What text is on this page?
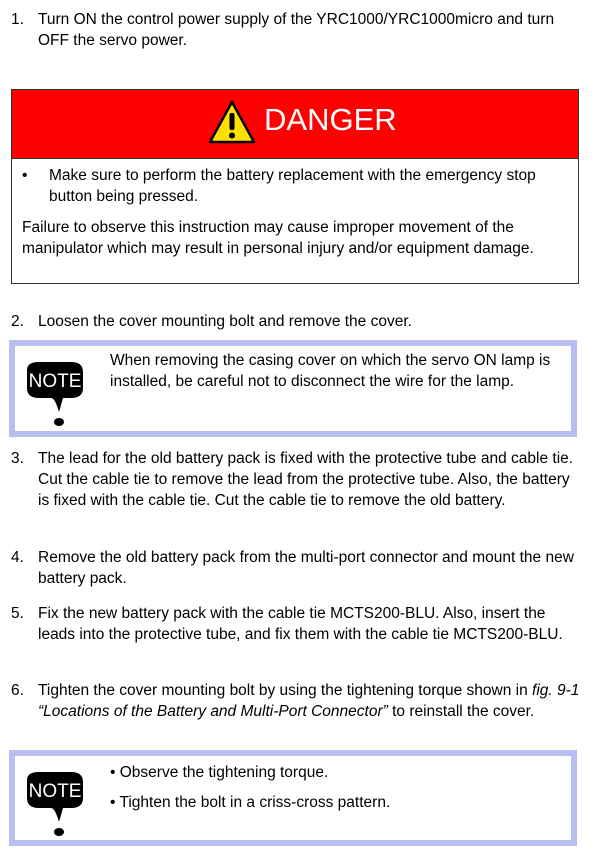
1. Turn ON the control power supply of the YRC1000/YRC1000micro and turn OFF the servo power.
DANGER
•	Make sure to perform the battery replacement with the emergency stop button being pressed.
Failure to observe this instruction may cause improper movement of the manipulator which may result in personal injury and/or equipment damage.
2. Loosen the cover mounting bolt and remove the cover.
NOTE
When removing the casing cover on which the servo ON lamp is installed, be careful not to disconnect the wire for the lamp.
3. The lead for the old battery pack is fixed with the protective tube and cable tie. Cut the cable tie to remove the lead from the protective tube. Also, the battery is fixed with the cable tie. Cut the cable tie to remove the old battery.
4. Remove the old battery pack from the multi-port connector and mount the new battery pack.
5. Fix the new battery pack with the cable tie MCTS200-BLU. Also, insert the leads into the protective tube, and fix them with the cable tie MCTS200-BLU.
6. Tighten the cover mounting bolt by using the tightening torque shown in fig. 9-1 “Locations of the Battery and Multi-Port Connector” to reinstall the cover.
NOTE
• Observe the tightening torque.
• Tighten the bolt in a criss-cross pattern.
